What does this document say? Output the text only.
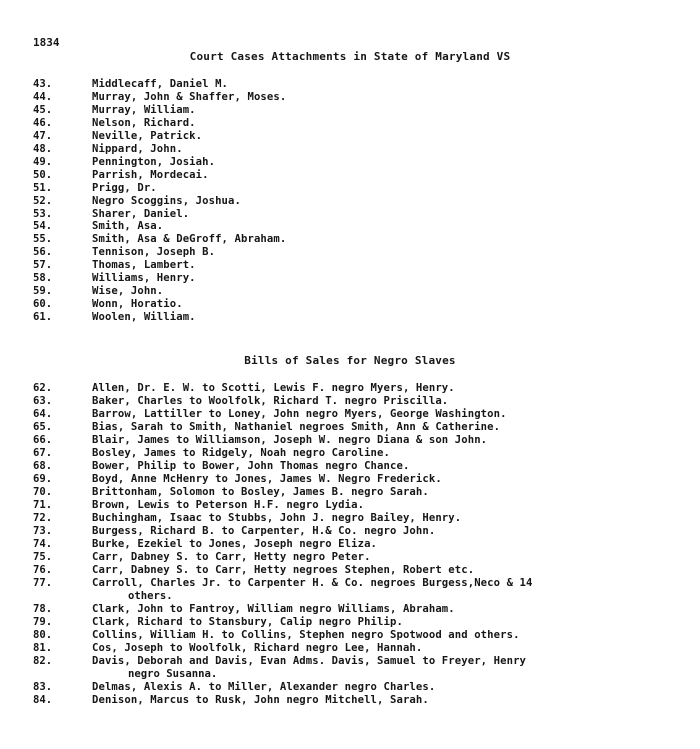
1834
Court Cases Attachments in State of Maryland VS
43.	Middlecaff, Daniel M.
44.	Murray, John & Shaffer, Moses.
45.	Murray, William.
46.	Nelson, Richard.
47.	Neville, Patrick.
48.	Nippard, John.
49.	Pennington, Josiah.
50.	Parrish, Mordecai.
51.	Prigg, Dr.
52.	Negro Scoggins, Joshua.
53.	Sharer, Daniel.
54.	Smith, Asa.
55.	Smith, Asa & DeGroff, Abraham.
56.	Tennison, Joseph B.
57.	Thomas, Lambert.
58.	Williams, Henry.
59.	Wise, John.
60.	Wonn, Horatio.
61.	Woolen, William.
Bills of Sales for Negro Slaves
62.	Allen, Dr. E. W. to Scotti, Lewis F. negro Myers, Henry.
63.	Baker, Charles to Woolfolk, Richard T. negro Priscilla.
64.	Barrow, Lattiller to Loney, John negro Myers, George Washington.
65.	Bias, Sarah to Smith, Nathaniel negroes Smith, Ann & Catherine.
66.	Blair, James to Williamson, Joseph W. negro Diana & son John.
67.	Bosley, James to Ridgely, Noah negro Caroline.
68.	Bower, Philip to Bower, John Thomas negro Chance.
69.	Boyd, Anne McHenry to Jones, James W. Negro Frederick.
70.	Brittonham, Solomon to Bosley, James B. negro Sarah.
71.	Brown, Lewis to Peterson H.F. negro Lydia.
72.	Buchingham, Isaac to Stubbs, John J. negro Bailey, Henry.
73.	Burgess, Richard B. to Carpenter, H.& Co. negro John.
74.	Burke, Ezekiel to Jones, Joseph negro Eliza.
75.	Carr, Dabney S. to Carr, Hetty negro Peter.
76.	Carr, Dabney S. to Carr, Hetty negroes Stephen, Robert etc.
77.	Carroll, Charles Jr. to Carpenter H. & Co. negroes Burgess,Neco & 14
others.
78.	Clark, John to Fantroy, William negro Williams, Abraham.
79.	Clark, Richard to Stansbury, Calip negro Philip.
80.	Collins, William H. to Collins, Stephen negro Spotwood and others.
81.	Cos, Joseph to Woolfolk, Richard negro Lee, Hannah.
82.	Davis, Deborah and Davis, Evan Adms. Davis, Samuel to Freyer, Henry
negro Susanna.
83.	Delmas, Alexis A. to Miller, Alexander negro Charles.
84.	Denison, Marcus to Rusk, John negro Mitchell, Sarah.
